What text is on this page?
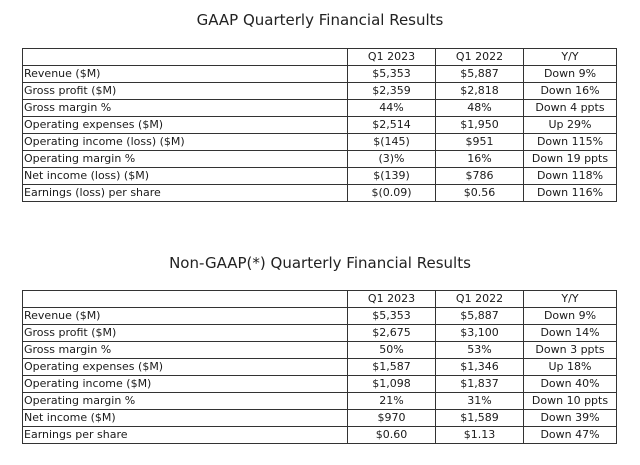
GAAP Quarterly Financial Results
	Q1 2023	Q1 2022	Y/Y
Revenue ($M)	$5,353	$5,887	Down 9%
Gross profit ($M)	$2,359	$2,818	Down 16%
Gross margin %	44%	48%	Down 4 ppts
Operating expenses ($M)	$2,514	$1,950	Up 29%
Operating income (loss) ($M)	$(145)	$951	Down 115%
Operating margin %	(3)%	16%	Down 19 ppts
Net income (loss) ($M)	$(139)	$786	Down 118%
Earnings (loss) per share	$(0.09)	$0.56	Down 116%
Non-GAAP(*) Quarterly Financial Results
	Q1 2023	Q1 2022	Y/Y
Revenue ($M)	$5,353	$5,887	Down 9%
Gross profit ($M)	$2,675	$3,100	Down 14%
Gross margin %	50%	53%	Down 3 ppts
Operating expenses ($M)	$1,587	$1,346	Up 18%
Operating income ($M)	$1,098	$1,837	Down 40%
Operating margin %	21%	31%	Down 10 ppts
Net income ($M)	$970	$1,589	Down 39%
Earnings per share	$0.60	$1.13	Down 47%
